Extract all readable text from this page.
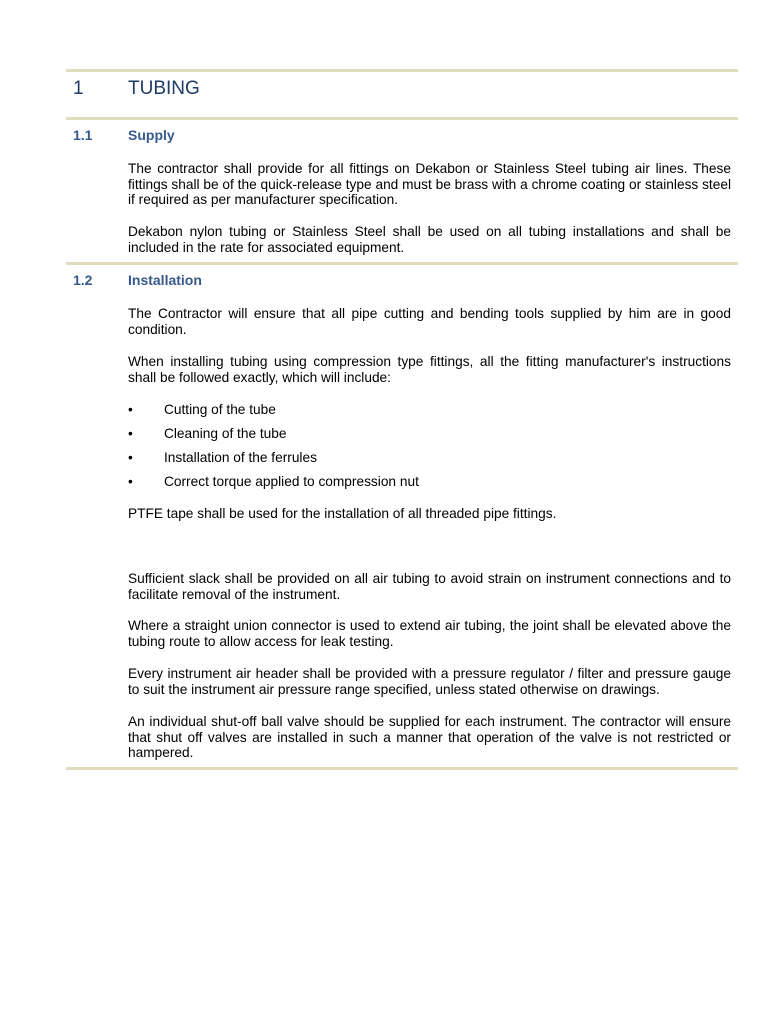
1 TUBING
1.1	Supply

The contractor shall provide for all fittings on Dekabon or Stainless Steel tubing air lines. These fittings shall be of the quick-release type and must be brass with a chrome coating or stainless steel if required as per manufacturer specification.

Dekabon nylon tubing or Stainless Steel shall be used on all tubing installations and shall be included in the rate for associated equipment.

1.2	Installation

The Contractor will ensure that all pipe cutting and bending tools supplied by him are in good condition.

When installing tubing using compression type fittings, all the fitting manufacturer's instructions shall be followed exactly, which will include:

• Cutting of the tube
• Cleaning of the tube
• Installation of the ferrules
• Correct torque applied to compression nut

PTFE tape shall be used for the installation of all threaded pipe fittings.

Sufficient slack shall be provided on all air tubing to avoid strain on instrument connections and to facilitate removal of the instrument.

Where a straight union connector is used to extend air tubing, the joint shall be elevated above the tubing route to allow access for leak testing.

Every instrument air header shall be provided with a pressure regulator / filter and pressure gauge to suit the instrument air pressure range specified, unless stated otherwise on drawings.

An individual shut-off ball valve should be supplied for each instrument. The contractor will ensure that shut off valves are installed in such a manner that operation of the valve is not restricted or hampered.
